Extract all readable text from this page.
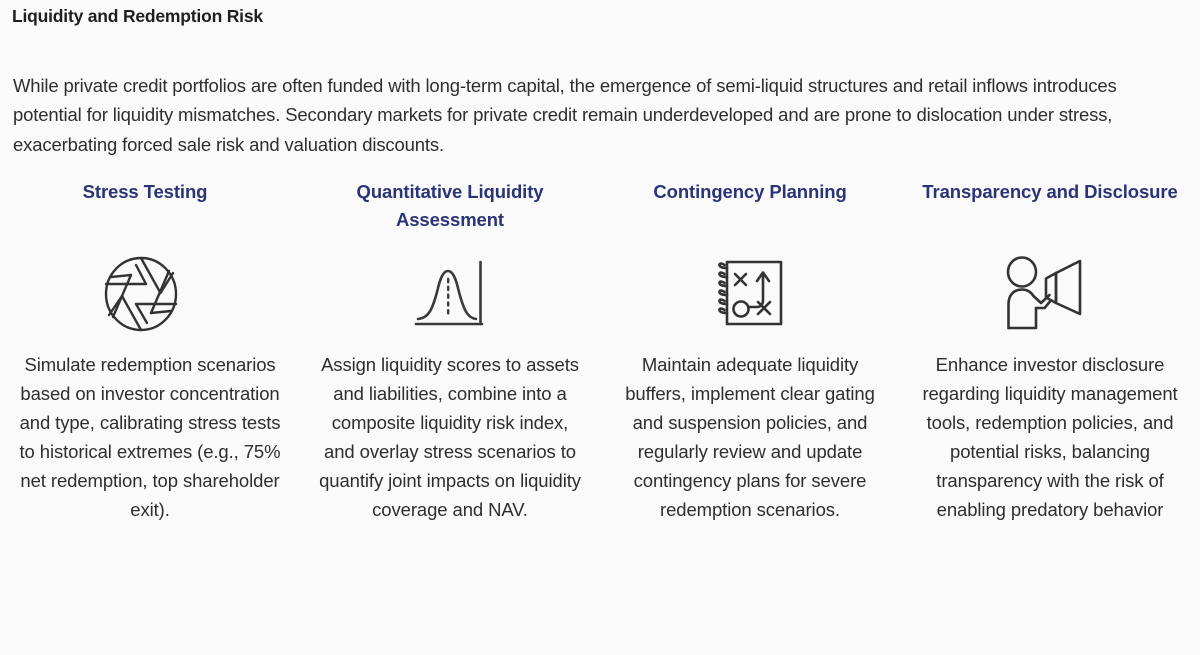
Liquidity and Redemption Risk

While private credit portfolios are often funded with long-term capital, the emergence of semi-liquid structures and retail inflows introduces potential for liquidity mismatches. Secondary markets for private credit remain underdeveloped and are prone to dislocation under stress, exacerbating forced sale risk and valuation discounts.

Stress Testing
Simulate redemption scenarios based on investor concentration and type, calibrating stress tests to historical extremes (e.g., 75% net redemption, top shareholder exit).
Quantitative Liquidity Assessment
Assign liquidity scores to assets and liabilities, combine into a composite liquidity risk index, and overlay stress scenarios to quantify joint impacts on liquidity coverage and NAV.
Contingency Planning
Maintain adequate liquidity buffers, implement clear gating and suspension policies, and regularly review and update contingency plans for severe redemption scenarios.
Transparency and Disclosure
Enhance investor disclosure regarding liquidity management tools, redemption policies, and potential risks, balancing transparency with the risk of enabling predatory behavior
